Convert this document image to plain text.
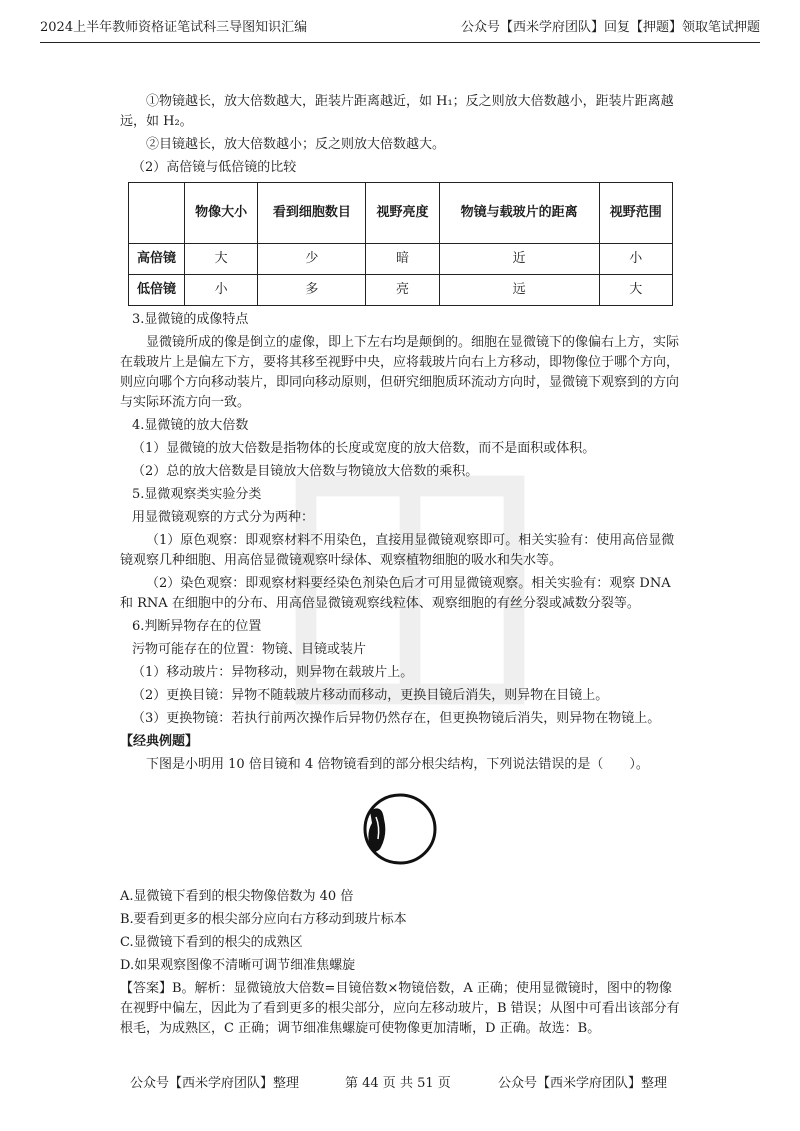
2024上半年教师资格证笔试科三导图知识汇编	公众号【西米学府团队】回复【押题】领取笔试押题

①物镜越长，放大倍数越大，距装片距离越近，如 H₁；反之则放大倍数越小，距装片距离越远，如 H₂。

②目镜越长，放大倍数越小；反之则放大倍数越大。

（2）高倍镜与低倍镜的比较

	物像大小	看到细胞数目	视野亮度	物镜与载玻片的距离	视野范围
高倍镜	大	少	暗	近	小
低倍镜	小	多	亮	远	大

3.显微镜的成像特点

显微镜所成的像是倒立的虚像，即上下左右均是颠倒的。细胞在显微镜下的像偏右上方，实际在载玻片上是偏左下方，要将其移至视野中央，应将载玻片向右上方移动，即物像位于哪个方向，则应向哪个方向移动装片，即同向移动原则，但研究细胞质环流动方向时，显微镜下观察到的方向与实际环流方向一致。

4.显微镜的放大倍数

（1）显微镜的放大倍数是指物体的长度或宽度的放大倍数，而不是面积或体积。

（2）总的放大倍数是目镜放大倍数与物镜放大倍数的乘积。

5.显微观察类实验分类

用显微镜观察的方式分为两种：

（1）原色观察：即观察材料不用染色，直接用显微镜观察即可。相关实验有：使用高倍显微镜观察几种细胞、用高倍显微镜观察叶绿体、观察植物细胞的吸水和失水等。

（2）染色观察：即观察材料要经染色剂染色后才可用显微镜观察。相关实验有：观察 DNA 和 RNA 在细胞中的分布、用高倍显微镜观察线粒体、观察细胞的有丝分裂或减数分裂等。

6.判断异物存在的位置

污物可能存在的位置：物镜、目镜或装片

（1）移动玻片：异物移动，则异物在载玻片上。

（2）更换目镜：异物不随载玻片移动而移动，更换目镜后消失，则异物在目镜上。

（3）更换物镜：若执行前两次操作后异物仍然存在，但更换物镜后消失，则异物在物镜上。

【经典例题】

下图是小明用 10 倍目镜和 4 倍物镜看到的部分根尖结构，下列说法错误的是（　　）。

A.显微镜下看到的根尖物像倍数为 40 倍

B.要看到更多的根尖部分应向右方移动到玻片标本

C.显微镜下看到的根尖的成熟区

D.如果观察图像不清晰可调节细准焦螺旋

【答案】B。解析：显微镜放大倍数=目镜倍数×物镜倍数，A 正确；使用显微镜时，图中的物像在视野中偏左，因此为了看到更多的根尖部分，应向左移动玻片，B 错误；从图中可看出该部分有根毛，为成熟区，C 正确；调节细准焦螺旋可使物像更加清晰，D 正确。故选：B。

公众号【西米学府团队】整理	第 44 页 共 51 页	公众号【西米学府团队】整理
